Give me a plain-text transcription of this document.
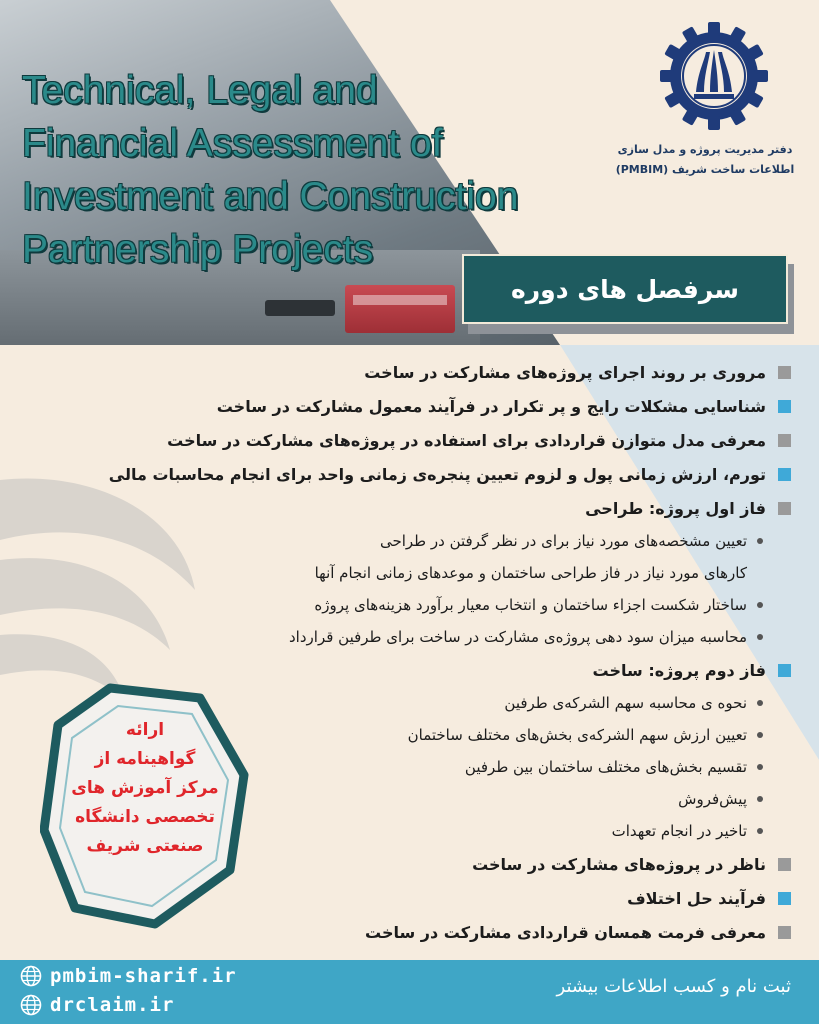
Technical, Legal and
Financial Assessment of
Investment and Construction
Partnership Projects
دفتر مدیریت پروژه و مدل سازی
اطلاعات ساخت شریف (PMBIM)
سرفصل های دوره
مروری بر روند اجرای پروژه‌های مشارکت در ساخت
شناسایی مشکلات رایج و پر تکرار در فرآیند معمول مشارکت در ساخت
معرفی مدل متوازن قراردادی برای استفاده در پروژه‌های مشارکت در ساخت
تورم، ارزش زمانی پول و لزوم تعیین پنجره‌ی زمانی واحد برای انجام محاسبات مالی
فاز اول پروژه: طراحی
تعیین مشخصه‌های مورد نیاز برای در نظر گرفتن در طراحی
کارهای مورد نیاز در فاز طراحی ساختمان و موعدهای زمانی انجام آنها
ساختار شکست اجزاء ساختمان و انتخاب معیار برآورد هزینه‌های پروژه
محاسبه میزان سود دهی پروژه‌ی مشارکت در ساخت برای طرفین قرارداد
فاز دوم پروژه: ساخت
نحوه ی محاسبه سهم الشرکه‌ی طرفین
تعیین ارزش سهم الشرکه‌ی بخش‌های مختلف ساختمان
تقسیم بخش‌های مختلف ساختمان بین طرفین
پیش‌فروش
تاخیر در انجام تعهدات
ناظر در پروژه‌های مشارکت در ساخت
فرآیند حل اختلاف
معرفی فرمت همسان قراردادی مشارکت در ساخت
ارائه
گواهینامه از
مرکز آموزش های
تخصصی دانشگاه
صنعتی شریف
pmbim-sharif.ir
drclaim.ir
ثبت نام و کسب اطلاعات بیشتر
